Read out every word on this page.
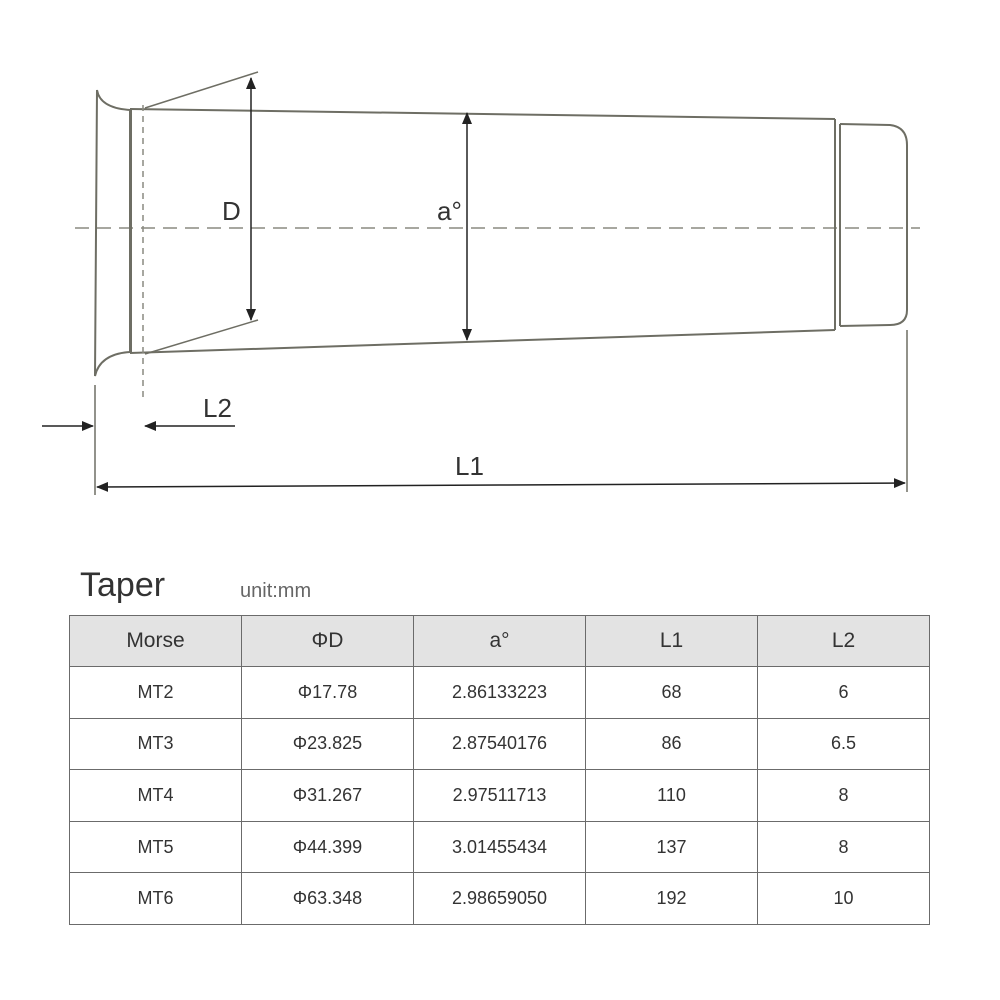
D	a°
L2
L1
Taper	unit:mm
Morse	ΦD	a°	L1	L2
MT2	Φ17.78	2.86133223	68	6
MT3	Φ23.825	2.87540176	86	6.5
MT4	Φ31.267	2.97511713	110	8
MT5	Φ44.399	3.01455434	137	8
MT6	Φ63.348	2.98659050	192	10
